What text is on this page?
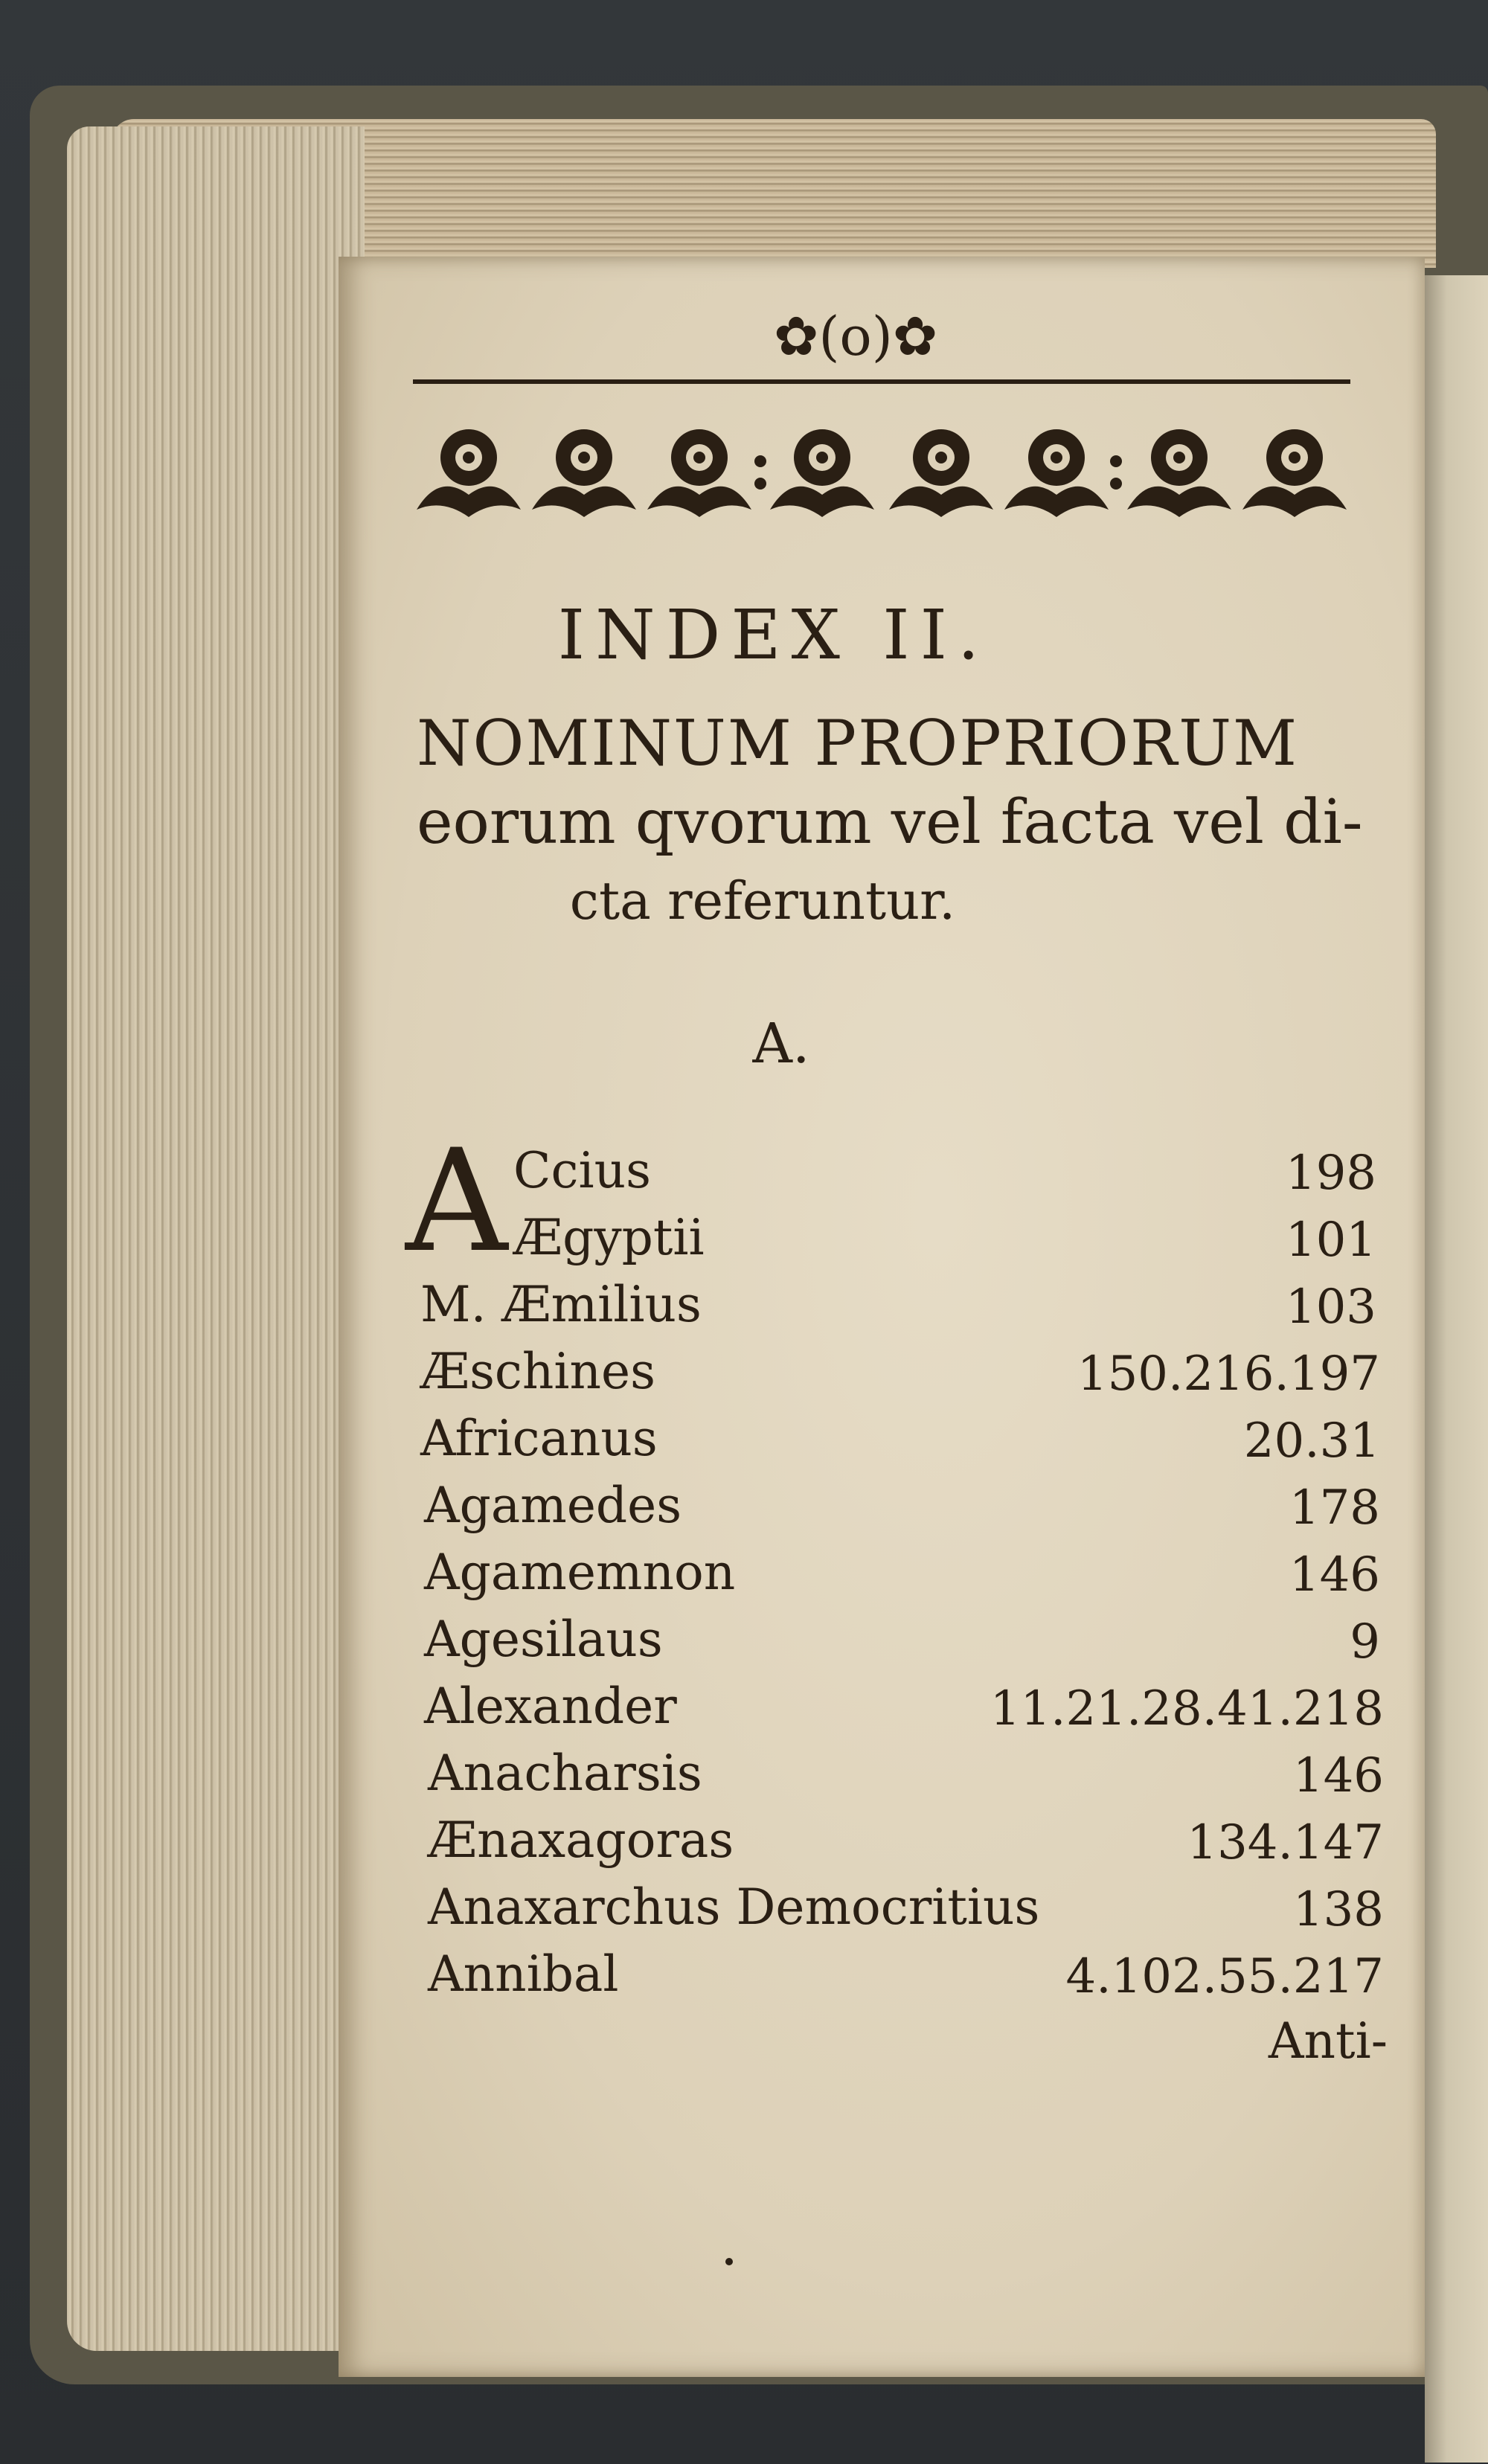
✿(o)✿
INDEX II.
NOMINUM PROPRIORUM
eorum qvorum vel facta vel di-
cta referuntur.
A.
A Ccius	198
Ægyptii	101
M. Æmilius	103
Æschines	150.216.197
Africanus	20.31
Agamedes	178
Agamemnon	146
Agesilaus	9
Alexander	11.21.28.41.218
Anacharsis	146
Ænaxagoras	134.147
Anaxarchus Democritius	138
Annibal	4.102.55.217
Anti-
